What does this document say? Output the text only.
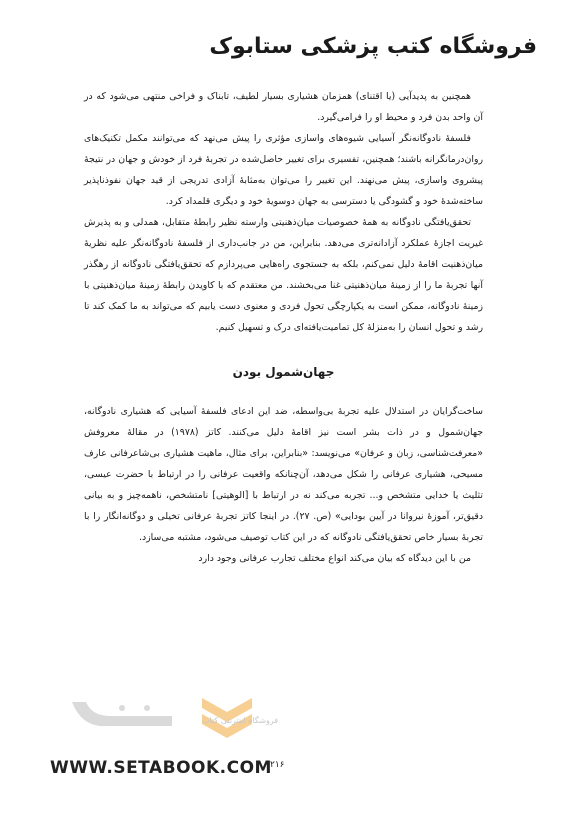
فروشگاه کتب پزشکی ستابوک

همچنین به پدیدآیی (یا اقتنای) همزمان هشیاری بسیار لطیف، تابناک و فراخی منتهی می‌شود که در آن واحد بدن فرد و محیط او را فرامی‌گیرد.

فلسفهٔ نادوگانه‌نگر آسیایی شیوه‌های واسازی مؤثری را پیش می‌نهد که می‌توانند مکمل تکنیک‌های روان‌درمانگرانه باشند؛ همچنین، تفسیری برای تغییر حاصل‌شده در تجربهٔ فرد از خودش و جهان در نتیجهٔ پیشروی واسازی، پیش می‌نهند. این تغییر را می‌توان به‌مثابهٔ آزادی تدریجی از قید جهان نفوذناپذیر ساخته‌شدهٔ خود و گشودگی یا دسترسی به جهان دوسویهٔ خود و دیگری قلمداد کرد.

تحقق‌یافتگی نادوگانه به همهٔ خصوصیات میان‌ذهنیتی وارسته نظیر رابطهٔ متقابل، همدلی و به پذیرش غیریت اجازهٔ عملکرد آزادانه‌تری می‌دهد. بنابراین، من در جانب‌داری از فلسفهٔ نادوگانه‌نگر علیه نظریهٔ میان‌ذهنیت اقامهٔ دلیل نمی‌کنم، بلکه به جستجوی راه‌هایی می‌پردازم که تحقق‌یافتگی نادوگانه از رهگذر آنها تجربهٔ ما را از زمینهٔ میان‌ذهنیتی غنا می‌بخشند. من معتقدم که با کاویدن رابطهٔ زمینهٔ میان‌ذهنیتی با زمینهٔ نادوگانه، ممکن است به یکپارچگی تحول فردی و معنوی دست یابیم که می‌تواند به ما کمک کند تا رشد و تحول انسان را به‌منزلهٔ کل تمامیت‌یافته‌ای درک و تسهیل کنیم.

جهان‌شمول بودن

ساخت‌گرایان در استدلال علیه تجربهٔ بی‌واسطه، ضد این ادعای فلسفهٔ آسیایی که هشیاری نادوگانه، جهان‌شمول و در ذات بشر است نیز اقامهٔ دلیل می‌کنند. کاتز (۱۹۷۸) در مقالهٔ معروفش «معرفت‌شناسی، زبان و عرفان» می‌نویسد: «بنابراین، برای مثال، ماهیت هشیاری بی‌شاعرفانی عارف مسیحی، هشیاری عرفانی را شکل می‌دهد، آن‌چنانکه واقعیت عرفانی را در ارتباط با حضرت عیسی، تثلیث یا خدایی متشخص و... تجربه می‌کند نه در ارتباط با [الوهیتی] نامتشخص، ناهمه‌چیز و به بیانی دقیق‌تر، آموزهٔ نیروانا در آیین بودایی» (ص. ۲۷). در اینجا کاتز تجربهٔ عرفانی تخیلی و دوگانه‌انگار را با تجربهٔ بسیار خاص تحقق‌یافتگی نادوگانه که در این کتاب توصیف می‌شود، مشتبه می‌سازد.

من با این دیدگاه که بیان می‌کند انواع مختلف تجارب عرفانی وجود دارد

فروشگاه اینترنتی کتاب
WWW.SETABOOK.COM
۲۱۶
